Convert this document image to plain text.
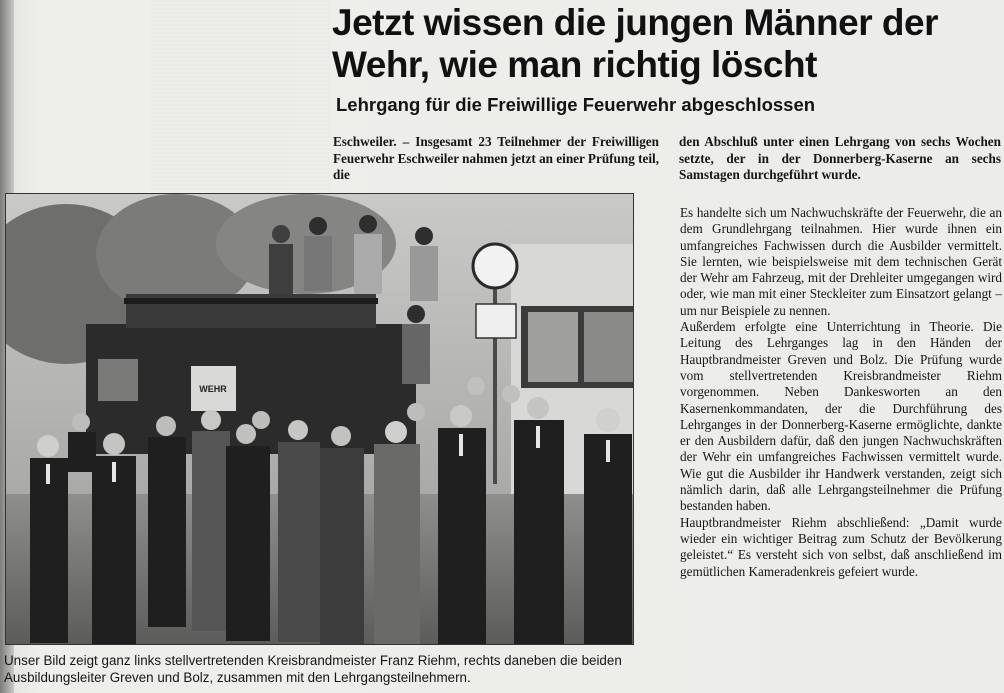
Jetzt wissen die jungen Männer der Wehr, wie man richtig löscht
Lehrgang für die Freiwillige Feuerwehr abgeschlossen

Eschweiler. – Insgesamt 23 Teilnehmer der Freiwilligen Feuerwehr Eschweiler nahmen jetzt an einer Prüfung teil, die

den Abschluß unter einen Lehrgang von sechs Wochen setzte, der in der Donnerberg-Kaserne an sechs Samstagen durchgeführt wurde.

Es handelte sich um Nachwuchskräfte der Feuerwehr, die an dem Grundlehrgang teilnahmen. Hier wurde ihnen ein umfangreiches Fachwissen durch die Ausbilder vermittelt. Sie lernten, wie beispielsweise mit dem technischen Gerät der Wehr am Fahrzeug, mit der Drehleiter umgegangen wird oder, wie man mit einer Steckleiter zum Einsatzort gelangt – um nur Beispiele zu nennen.

Außerdem erfolgte eine Unterrichtung in Theorie. Die Leitung des Lehrganges lag in den Händen der Hauptbrandmeister Greven und Bolz. Die Prüfung wurde vom stellvertretenden Kreisbrandmeister Riehm vorgenommen. Neben Dankesworten an den Kasernenkommandaten, der die Durchführung des Lehrganges in der Donnerberg-Kaserne ermöglichte, dankte er den Ausbildern dafür, daß den jungen Nachwuchskräften der Wehr ein umfangreiches Fachwissen vermittelt wurde. Wie gut die Ausbilder ihr Handwerk verstanden, zeigt sich nämlich darin, daß alle Lehrgangsteilnehmer die Prüfung bestanden haben.

Hauptbrandmeister Riehm abschließend: „Damit wurde wieder ein wichtiger Beitrag zum Schutz der Bevölkerung geleistet.“ Es versteht sich von selbst, daß anschließend im gemütlichen Kameradenkreis gefeiert wurde.

WEHR

Unser Bild zeigt ganz links stellvertretenden Kreisbrandmeister Franz Riehm, rechts daneben die beiden Ausbildungsleiter Greven und Bolz, zusammen mit den Lehrgangsteilnehmern.
